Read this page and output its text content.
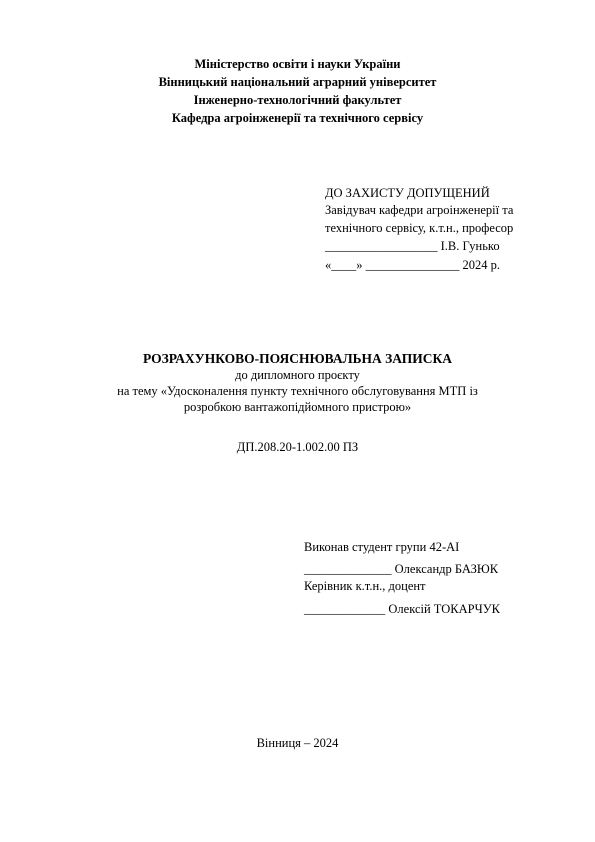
Міністерство освіти і науки України
Вінницький національний аграрний університет
Інженерно-технологічний факультет
Кафедра агроінженерії та технічного сервісу
ДО ЗАХИСТУ ДОПУЩЕНИЙ
Завідувач кафедри агроінженерії та
технічного сервісу, к.т.н., професор
__________________ І.В. Гунько
«____» _______________ 2024 р.
РОЗРАХУНКОВО-ПОЯСНЮВАЛЬНА ЗАПИСКА
до дипломного проєкту
на тему «Удосконалення пункту технічного обслуговування МТП із
розробкою вантажопідйомного пристрою»
ДП.208.20-1.002.00 ПЗ
Виконав студент групи 42-АІ
______________ Олександр БАЗЮК
Керівник к.т.н., доцент
_____________ Олексій ТОКАРЧУК
Вінниця – 2024
